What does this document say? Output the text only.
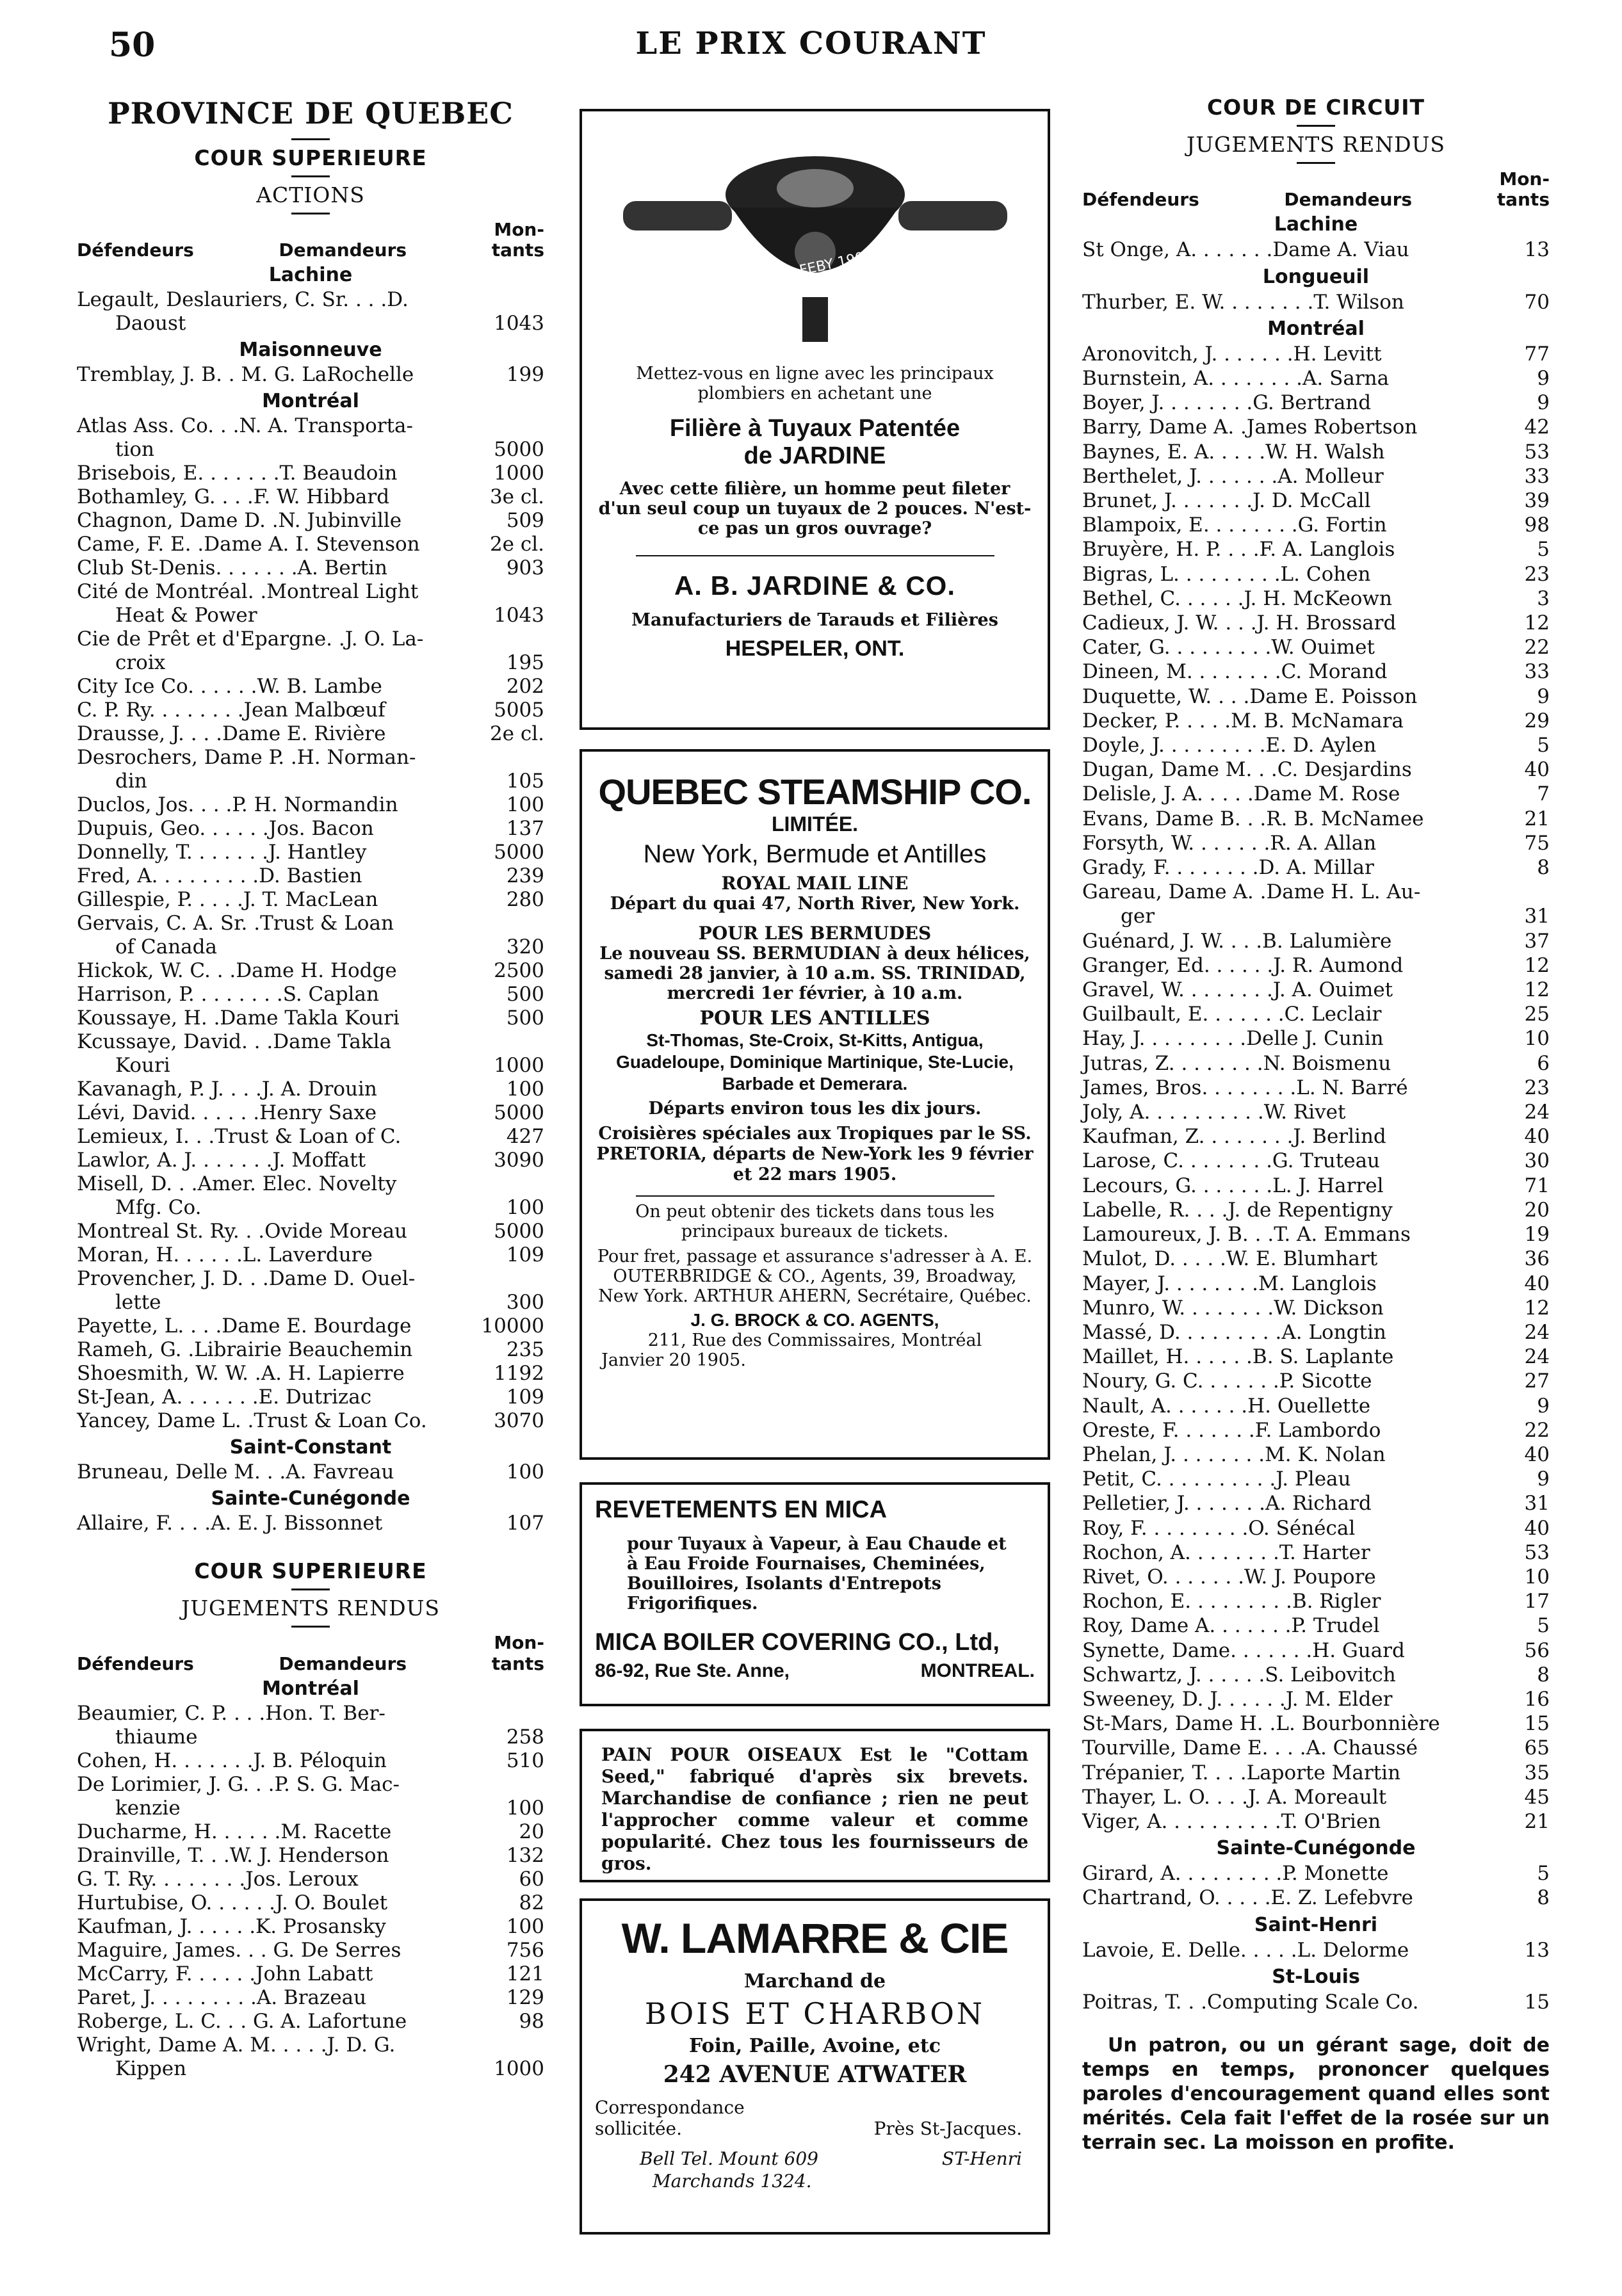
50	LE PRIX COURANT
PROVINCE DE QUEBEC
COUR SUPERIEURE
ACTIONS
Défendeurs	Demandeurs
Mon-
tants
Lachine
Legault, Deslauriers, C. Sr. . . .D.
Daoust	1043
Maisonneuve
Tremblay, J. B. . M. G. LaRochelle	199
Montréal
Atlas Ass. Co. . .N. A. Transporta-
tion	5000
Brisebois, E. . . . . . .T. Beaudoin	1000
Bothamley, G. . . .F. W. Hibbard	3e cl.
Chagnon, Dame D. .N. Jubinville	509
Came, F. E. .Dame A. I. Stevenson	2e cl.
Club St-Denis. . . . . . .A. Bertin	903
Cité de Montréal. .Montreal Light
Heat & Power	1043
Cie de Prêt et d'Epargne. .J. O. La-
croix	195
City Ice Co. . . . . .W. B. Lambe	202
C. P. Ry. . . . . . . .Jean Malbœuf	5005
Drausse, J. . . .Dame E. Rivière	2e cl.
Desrochers, Dame P. .H. Norman-
din	105
Duclos, Jos. . . .P. H. Normandin	100
Dupuis, Geo. . . . . .Jos. Bacon	137
Donnelly, T. . . . . . .J. Hantley	5000
Fred, A. . . . . . . . .D. Bastien	239
Gillespie, P. . . . .J. T. MacLean	280
Gervais, C. A. Sr. .Trust & Loan
of Canada	320
Hickok, W. C. . .Dame H. Hodge	2500
Harrison, P. . . . . . . .S. Caplan	500
Koussaye, H. .Dame Takla Kouri	500
Kcussaye, David. . .Dame Takla
Kouri	1000
Kavanagh, P. J. . . .J. A. Drouin	100
Lévi, David. . . . . .Henry Saxe	5000
Lemieux, I. . .Trust & Loan of C.	427
Lawlor, A. J. . . . . . .J. Moffatt	3090
Misell, D. . .Amer. Elec. Novelty
Mfg. Co.	100
Montreal St. Ry. . .Ovide Moreau	5000
Moran, H. . . . . .L. Laverdure	109
Provencher, J. D. . .Dame D. Ouel-
lette	300
Payette, L. . . .Dame E. Bourdage	10000
Rameh, G. .Librairie Beauchemin	235
Shoesmith, W. W. .A. H. Lapierre	1192
St-Jean, A. . . . . . .E. Dutrizac	109
Yancey, Dame L. .Trust & Loan Co.	3070
Saint-Constant
Bruneau, Delle M. . .A. Favreau	100
Sainte-Cunégonde
Allaire, F. . . .A. E. J. Bissonnet	107
COUR SUPERIEURE
JUGEMENTS RENDUS
Défendeurs	Demandeurs
Mon-
tants
Montréal
Beaumier, C. P. . . .Hon. T. Ber-
thiaume	258
Cohen, H. . . . . . .J. B. Péloquin	510
De Lorimier, J. G. . .P. S. G. Mac-
kenzie	100
Ducharme, H. . . . . .M. Racette	20
Drainville, T. . .W. J. Henderson	132
G. T. Ry. . . . . . . .Jos. Leroux	60
Hurtubise, O. . . . . .J. O. Boulet	82
Kaufman, J. . . . . .K. Prosansky	100
Maguire, James. . . G. De Serres	756
McCarry, F. . . . . .John Labatt	121
Paret, J. . . . . . . . .A. Brazeau	129
Roberge, L. C. . . G. A. Lafortune	98
Wright, Dame A. M. . . . .J. D. G.
Kippen	1000
PAT'D FEBY 1902
Mettez-vous en ligne avec les principaux plombiers en achetant une
Filière à Tuyaux Patentée
de JARDINE
Avec cette filière, un homme peut fileter d'un seul coup un tuyaux de 2 pouces. N'est-ce pas un gros ouvrage?
A. B. JARDINE & CO.
Manufacturiers de Tarauds et Filières
HESPELER, ONT.
QUEBEC STEAMSHIP CO.
LIMITÉE.
New York, Bermude et Antilles
ROYAL MAIL LINE
Départ du quai 47, North River, New York.
POUR LES BERMUDES
Le nouveau SS. BERMUDIAN à deux hélices, samedi 28 janvier, à 10 a.m. SS. TRINIDAD, mercredi 1er février, à 10 a.m.
POUR LES ANTILLES
St-Thomas, Ste-Croix, St-Kitts, Antigua, Guadeloupe, Dominique Martinique, Ste-Lucie, Barbade et Demerara.
Départs environ tous les dix jours.
Croisières spéciales aux Tropiques par le SS. PRETORIA, départs de New-York les 9 février et 22 mars 1905.
On peut obtenir des tickets dans tous les principaux bureaux de tickets.
Pour fret, passage et assurance s'adresser à A. E. OUTERBRIDGE & CO., Agents, 39, Broadway, New York. ARTHUR AHERN, Secrétaire, Québec.
J. G. BROCK & CO. AGENTS,
211, Rue des Commissaires, Montréal
Janvier 20 1905.
REVETEMENTS EN MICA
pour Tuyaux à Vapeur, à Eau Chaude et à Eau Froide Fournaises, Cheminées, Bouilloires, Isolants d'Entrepots Frigorifiques.
MICA BOILER COVERING CO., Ltd,
86-92, Rue Ste. Anne,	MONTREAL.
PAIN POUR OISEAUX Est le "Cottam Seed," fabriqué d'après six brevets. Marchandise de confiance ; rien ne peut l'approcher comme valeur et comme popularité. Chez tous les fournisseurs de gros.
W. LAMARRE & CIE
Marchand de
BOIS ET CHARBON
Foin, Paille, Avoine, etc
242 AVENUE ATWATER
Correspondance sollicitée.	Près St-Jacques.
Bell Tel. Mount 609	ST-Henri
Marchands 1324.
COUR DE CIRCUIT
JUGEMENTS RENDUS
Défendeurs	Demandeurs
Mon-
tants
Lachine
St Onge, A. . . . . . .Dame A. Viau	13
Longueuil
Thurber, E. W. . . . . . . .T. Wilson	70
Montréal
Aronovitch, J. . . . . . .H. Levitt	77
Burnstein, A. . . . . . . .A. Sarna	9
Boyer, J. . . . . . . .G. Bertrand	9
Barry, Dame A. .James Robertson	42
Baynes, E. A. . . . .W. H. Walsh	53
Berthelet, J. . . . . . .A. Molleur	33
Brunet, J. . . . . . .J. D. McCall	39
Blampoix, E. . . . . . . .G. Fortin	98
Bruyère, H. P. . . .F. A. Langlois	5
Bigras, L. . . . . . . . .L. Cohen	23
Bethel, C. . . . . .J. H. McKeown	3
Cadieux, J. W. . . .J. H. Brossard	12
Cater, G. . . . . . . . .W. Ouimet	22
Dineen, M. . . . . . . .C. Morand	33
Duquette, W. . . .Dame E. Poisson	9
Decker, P. . . . .M. B. McNamara	29
Doyle, J. . . . . . . . .E. D. Aylen	5
Dugan, Dame M. . .C. Desjardins	40
Delisle, J. A. . . . .Dame M. Rose	7
Evans, Dame B. . .R. B. McNamee	21
Forsyth, W. . . . . . .R. A. Allan	75
Grady, F. . . . . . . .D. A. Millar	8
Gareau, Dame A. .Dame H. L. Au-
ger	31
Guénard, J. W. . . .B. Lalumière	37
Granger, Ed. . . . . .J. R. Aumond	12
Gravel, W. . . . . . . .J. A. Ouimet	12
Guilbault, E. . . . . . .C. Leclair	25
Hay, J. . . . . . . . .Delle J. Cunin	10
Jutras, Z. . . . . . . .N. Boismenu	6
James, Bros. . . . . . . .L. N. Barré	23
Joly, A. . . . . . . . . .W. Rivet	24
Kaufman, Z. . . . . . . .J. Berlind	40
Larose, C. . . . . . . .G. Truteau	30
Lecours, G. . . . . . .L. J. Harrel	71
Labelle, R. . . .J. de Repentigny	20
Lamoureux, J. B. . .T. A. Emmans	19
Mulot, D. . . . .W. E. Blumhart	36
Mayer, J. . . . . . . .M. Langlois	40
Munro, W. . . . . . . .W. Dickson	12
Massé, D. . . . . . . . .A. Longtin	24
Maillet, H. . . . . .B. S. Laplante	24
Noury, G. C. . . . . . .P. Sicotte	27
Nault, A. . . . . . .H. Ouellette	9
Oreste, F. . . . . . .F. Lambordo	22
Phelan, J. . . . . . . .M. K. Nolan	40
Petit, C. . . . . . . . . .J. Pleau	9
Pelletier, J. . . . . . .A. Richard	31
Roy, F. . . . . . . . .O. Sénécal	40
Rochon, A. . . . . . . .T. Harter	53
Rivet, O. . . . . . .W. J. Poupore	10
Rochon, E. . . . . . . . .B. Rigler	17
Roy, Dame A. . . . . . .P. Trudel	5
Synette, Dame. . . . . . .H. Guard	56
Schwartz, J. . . . . .S. Leibovitch	8
Sweeney, D. J. . . . . .J. M. Elder	16
St-Mars, Dame H. .L. Bourbonnière	15
Tourville, Dame E. . . .A. Chaussé	65
Trépanier, T. . . .Laporte Martin	35
Thayer, L. O. . . .J. A. Moreault	45
Viger, A. . . . . . . . . .T. O'Brien	21
Sainte-Cunégonde
Girard, A. . . . . . . . .P. Monette	5
Chartrand, O. . . . .E. Z. Lefebvre	8
Saint-Henri
Lavoie, E. Delle. . . . .L. Delorme	13
St-Louis
Poitras, T. . .Computing Scale Co.	15
Un patron, ou un gérant sage, doit de temps en temps, prononcer quelques paroles d'encouragement quand elles sont mérités. Cela fait l'effet de la rosée sur un terrain sec. La moisson en profite.
